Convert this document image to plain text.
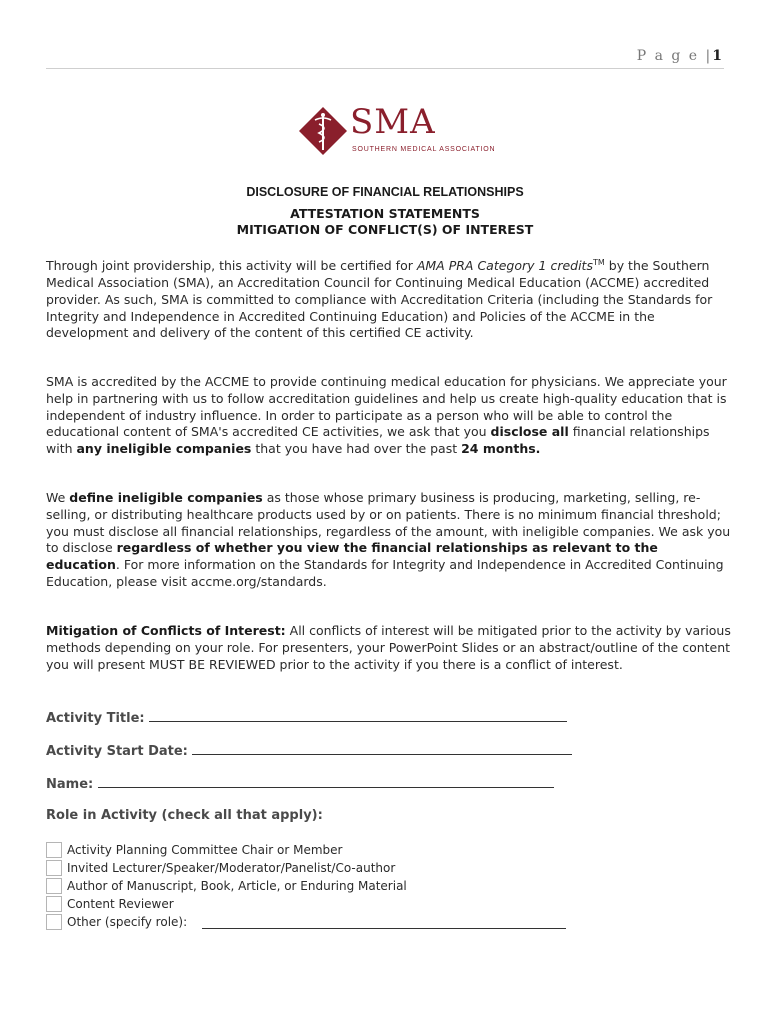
P a g e |1
SMA
SOUTHERN MEDICAL ASSOCIATION
DISCLOSURE OF FINANCIAL RELATIONSHIPS
ATTESTATION STATEMENTS
MITIGATION OF CONFLICT(S) OF INTEREST
Through joint providership, this activity will be certified for AMA PRA Category 1 credits™ by the Southern Medical Association (SMA), an Accreditation Council for Continuing Medical Education (ACCME) accredited provider. As such, SMA is committed to compliance with Accreditation Criteria (including the Standards for Integrity and Independence in Accredited Continuing Education) and Policies of the ACCME in the development and delivery of the content of this certified CE activity.
SMA is accredited by the ACCME to provide continuing medical education for physicians. We appreciate your help in partnering with us to follow accreditation guidelines and help us create high-quality education that is independent of industry influence. In order to participate as a person who will be able to control the educational content of SMA's accredited CE activities, we ask that you disclose all financial relationships with any ineligible companies that you have had over the past 24 months.
We define ineligible companies as those whose primary business is producing, marketing, selling, re-selling, or distributing healthcare products used by or on patients. There is no minimum financial threshold; you must disclose all financial relationships, regardless of the amount, with ineligible companies. We ask you to disclose regardless of whether you view the financial relationships as relevant to the education. For more information on the Standards for Integrity and Independence in Accredited Continuing Education, please visit accme.org/standards.
Mitigation of Conflicts of Interest: All conflicts of interest will be mitigated prior to the activity by various methods depending on your role. For presenters, your PowerPoint Slides or an abstract/outline of the content you will present MUST BE REVIEWED prior to the activity if you there is a conflict of interest.
Activity Title:
Activity Start Date:
Name:
Role in Activity (check all that apply):
Activity Planning Committee Chair or Member
Invited Lecturer/Speaker/Moderator/Panelist/Co-author
Author of Manuscript, Book, Article, or Enduring Material
Content Reviewer
Other (specify role):
